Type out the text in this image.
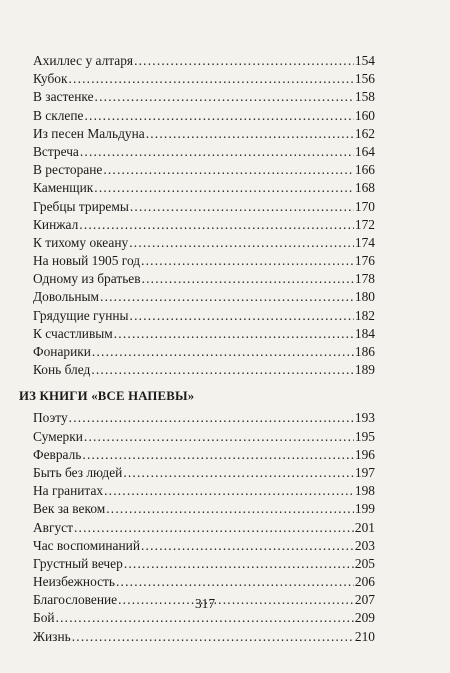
Ахиллес у алтаря .....	154
Кубок .....	156
В застенке .....	158
В склепе .....	160
Из песен Мальдуна .....	162
Встреча .....	164
В ресторане .....	166
Каменщик .....	168
Гребцы триремы .....	170
Кинжал .....	172
К тихому океану .....	174
На новый 1905 год .....	176
Одному из братьев .....	178
Довольным .....	180
Грядущие гунны .....	182
К счастливым .....	184
Фонарики .....	186
Конь блед .....	189
ИЗ КНИГИ «ВСЕ НАПЕВЫ»
Поэту .....	193
Сумерки .....	195
Февраль .....	196
Быть без людей .....	197
На гранитах .....	198
Век за веком .....	199
Август .....	201
Час воспоминаний .....	203
Грустный вечер .....	205
Неизбежность .....	206
Благословение .....	207
Бой .....	209
Жизнь .....	210
317
